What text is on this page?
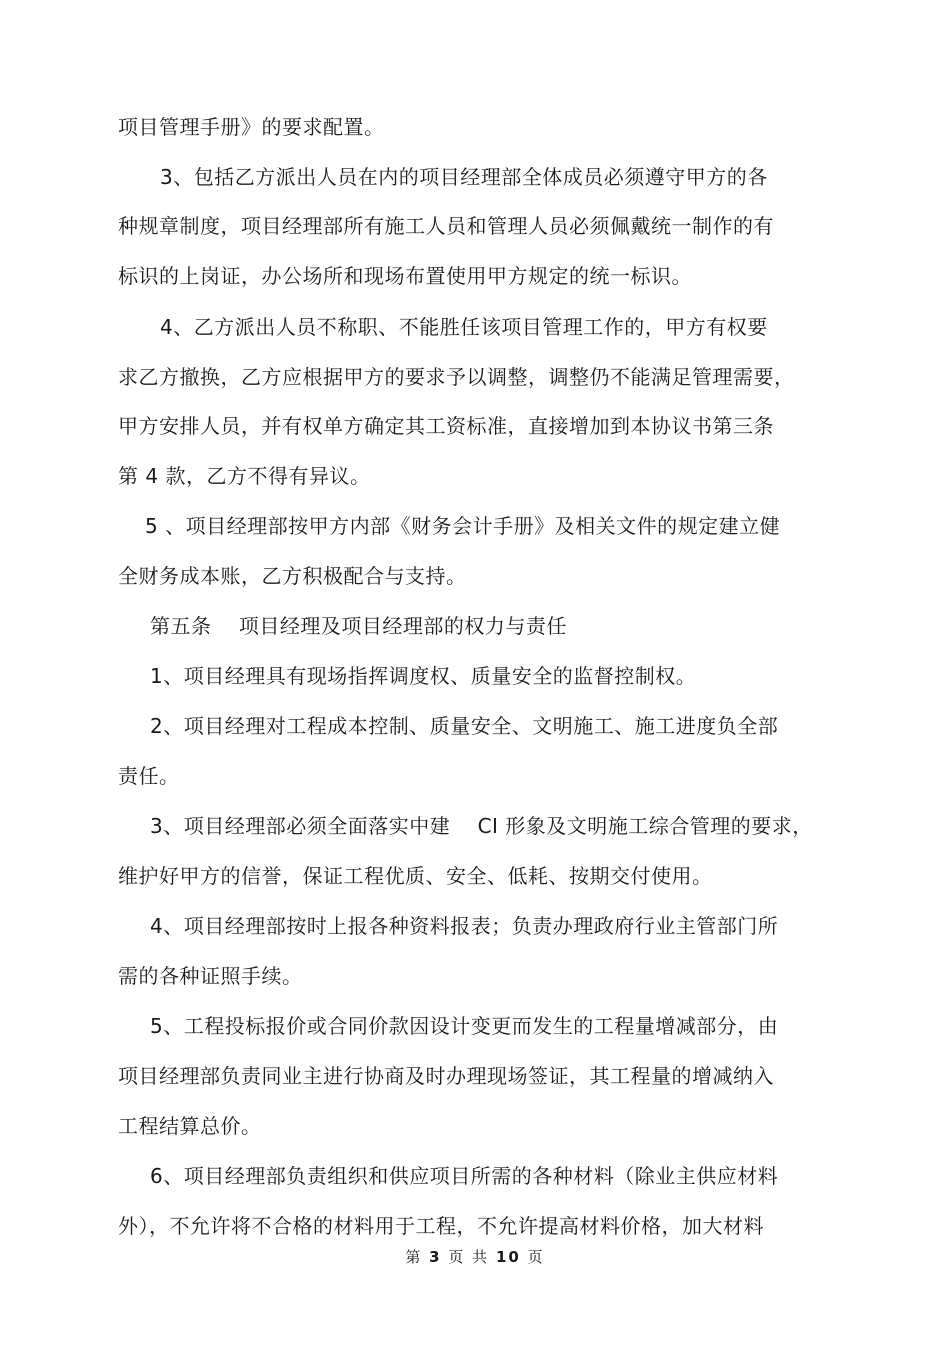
项目管理手册》的要求配置。
3、包括乙方派出人员在内的项目经理部全体成员必须遵守甲方的各
种规章制度，项目经理部所有施工人员和管理人员必须佩戴统一制作的有
标识的上岗证，办公场所和现场布置使用甲方规定的统一标识。
4、乙方派出人员不称职、不能胜任该项目管理工作的，甲方有权要
求乙方撤换，乙方应根据甲方的要求予以调整，调整仍不能满足管理需要，
甲方安排人员，并有权单方确定其工资标准，直接增加到本协议书第三条
第 4 款，乙方不得有异议。
5 、项目经理部按甲方内部《财务会计手册》及相关文件的规定建立健
全财务成本账，乙方积极配合与支持。
第五条　 项目经理及项目经理部的权力与责任
1、项目经理具有现场指挥调度权、质量安全的监督控制权。
2、项目经理对工程成本控制、质量安全、文明施工、施工进度负全部
责任。
3、项目经理部必须全面落实中建　 CI 形象及文明施工综合管理的要求，
维护好甲方的信誉，保证工程优质、安全、低耗、按期交付使用。
4、项目经理部按时上报各种资料报表；负责办理政府行业主管部门所
需的各种证照手续。
5、工程投标报价或合同价款因设计变更而发生的工程量增减部分，由
项目经理部负责同业主进行协商及时办理现场签证，其工程量的增减纳入
工程结算总价。
6、项目经理部负责组织和供应项目所需的各种材料（除业主供应材料
外），不允许将不合格的材料用于工程，不允许提高材料价格，加大材料
第 3 页 共 10 页
